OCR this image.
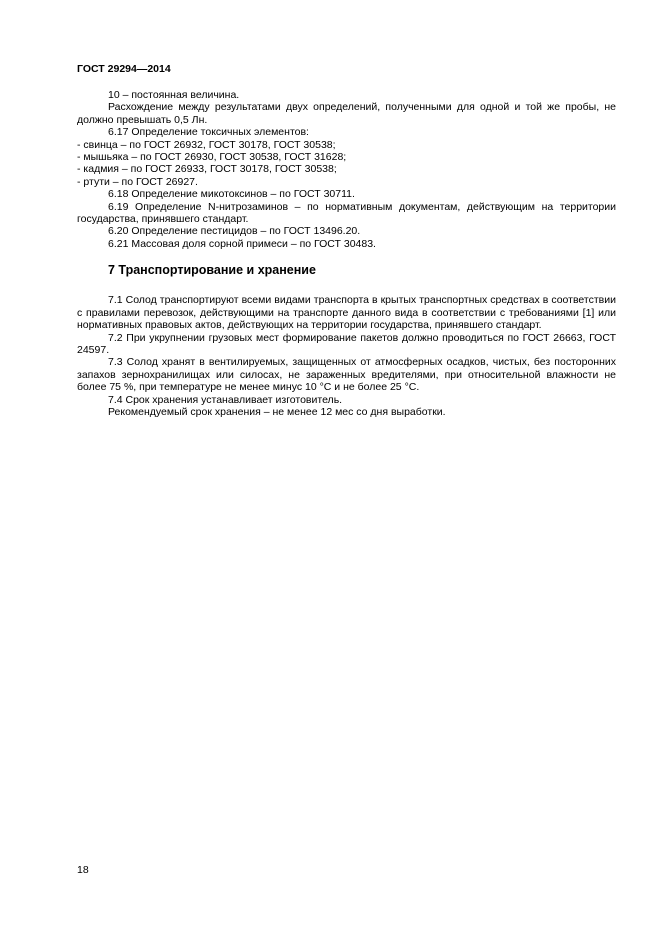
ГОСТ 29294—2014

10 – постоянная величина.

Расхождение между результатами двух определений, полученными для одной и той же пробы, не должно превышать 0,5 Лн.

6.17 Определение токсичных элементов:

- свинца – по ГОСТ 26932, ГОСТ 30178, ГОСТ 30538;

- мышьяка – по ГОСТ 26930, ГОСТ 30538, ГОСТ 31628;

- кадмия – по ГОСТ 26933, ГОСТ 30178, ГОСТ 30538;

- ртути – по ГОСТ 26927.

6.18 Определение микотоксинов – по ГОСТ 30711.

6.19 Определение N-нитрозаминов – по нормативным документам, действующим на территории государства, принявшего стандарт.

6.20 Определение пестицидов – по ГОСТ 13496.20.

6.21 Массовая доля сорной примеси – по ГОСТ 30483.

7 Транспортирование и хранение

7.1 Солод транспортируют всеми видами транспорта в крытых транспортных средствах в соответствии с правилами перевозок, действующими на транспорте данного вида в соответствии с требованиями [1] или нормативных правовых актов, действующих на территории государства, принявшего стандарт.

7.2 При укрупнении грузовых мест формирование пакетов должно проводиться по ГОСТ 26663, ГОСТ 24597.

7.3 Солод хранят в вентилируемых, защищенных от атмосферных осадков, чистых, без посторонних запахов зернохранилищах или силосах, не зараженных вредителями, при относительной влажности не более 75 %, при температуре не менее минус 10 °С и не более 25 °С.

7.4 Срок хранения устанавливает изготовитель.

Рекомендуемый срок хранения – не менее 12 мес со дня выработки.

18
